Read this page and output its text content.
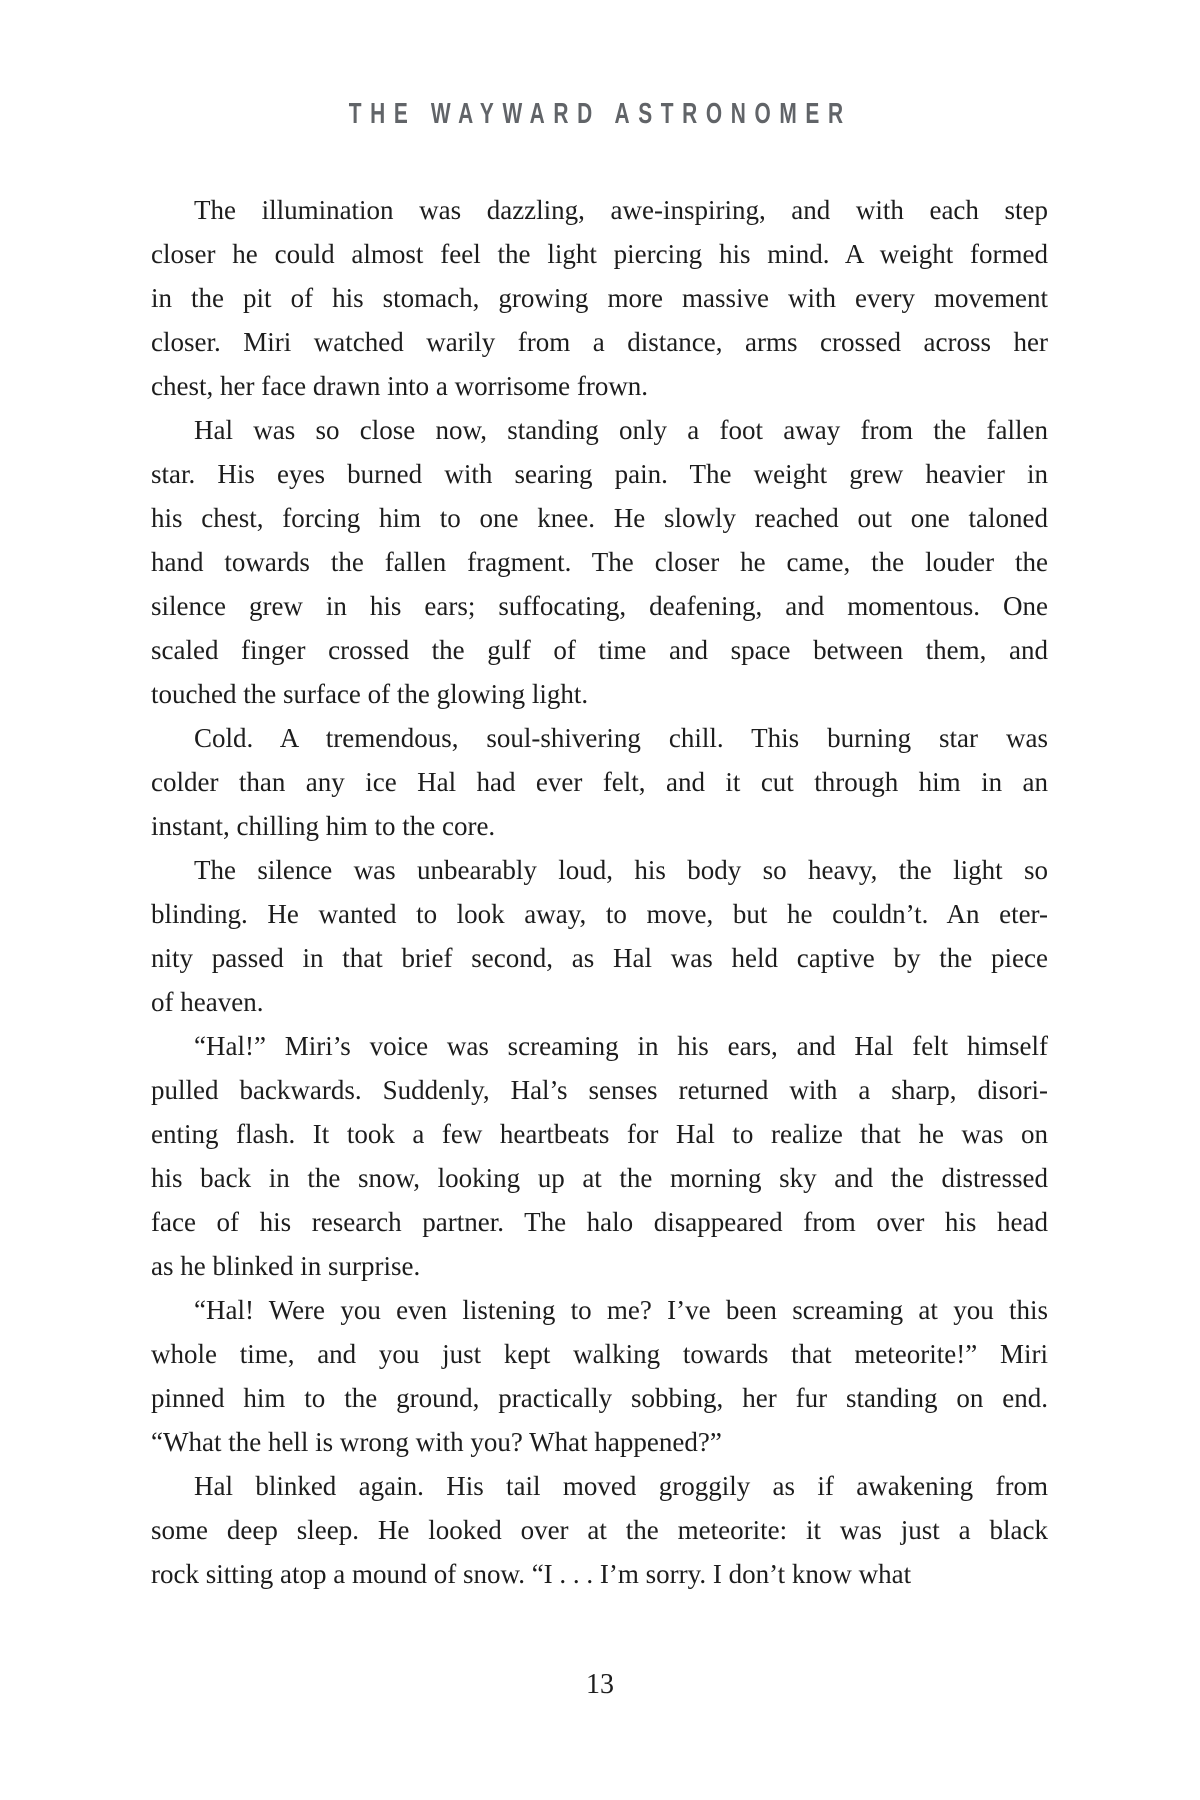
THE WAYWARD ASTRONOMER
The illumination was dazzling, awe-inspiring, and with each step
closer he could almost feel the light piercing his mind. A weight formed
in the pit of his stomach, growing more massive with every movement
closer. Miri watched warily from a distance, arms crossed across her
chest, her face drawn into a worrisome frown.
Hal was so close now, standing only a foot away from the fallen
star. His eyes burned with searing pain. The weight grew heavier in
his chest, forcing him to one knee. He slowly reached out one taloned
hand towards the fallen fragment. The closer he came, the louder the
silence grew in his ears; suffocating, deafening, and momentous. One
scaled finger crossed the gulf of time and space between them, and
touched the surface of the glowing light.
Cold. A tremendous, soul-shivering chill. This burning star was
colder than any ice Hal had ever felt, and it cut through him in an
instant, chilling him to the core.
The silence was unbearably loud, his body so heavy, the light so
blinding. He wanted to look away, to move, but he couldn’t. An eter-
nity passed in that brief second, as Hal was held captive by the piece
of heaven.
“Hal!” Miri’s voice was screaming in his ears, and Hal felt himself
pulled backwards. Suddenly, Hal’s senses returned with a sharp, disori-
enting flash. It took a few heartbeats for Hal to realize that he was on
his back in the snow, looking up at the morning sky and the distressed
face of his research partner. The halo disappeared from over his head
as he blinked in surprise.
“Hal! Were you even listening to me? I’ve been screaming at you this
whole time, and you just kept walking towards that meteorite!” Miri
pinned him to the ground, practically sobbing, her fur standing on end.
“What the hell is wrong with you? What happened?”
Hal blinked again. His tail moved groggily as if awakening from
some deep sleep. He looked over at the meteorite: it was just a black
rock sitting atop a mound of snow. “I . . . I’m sorry. I don’t know what
13
